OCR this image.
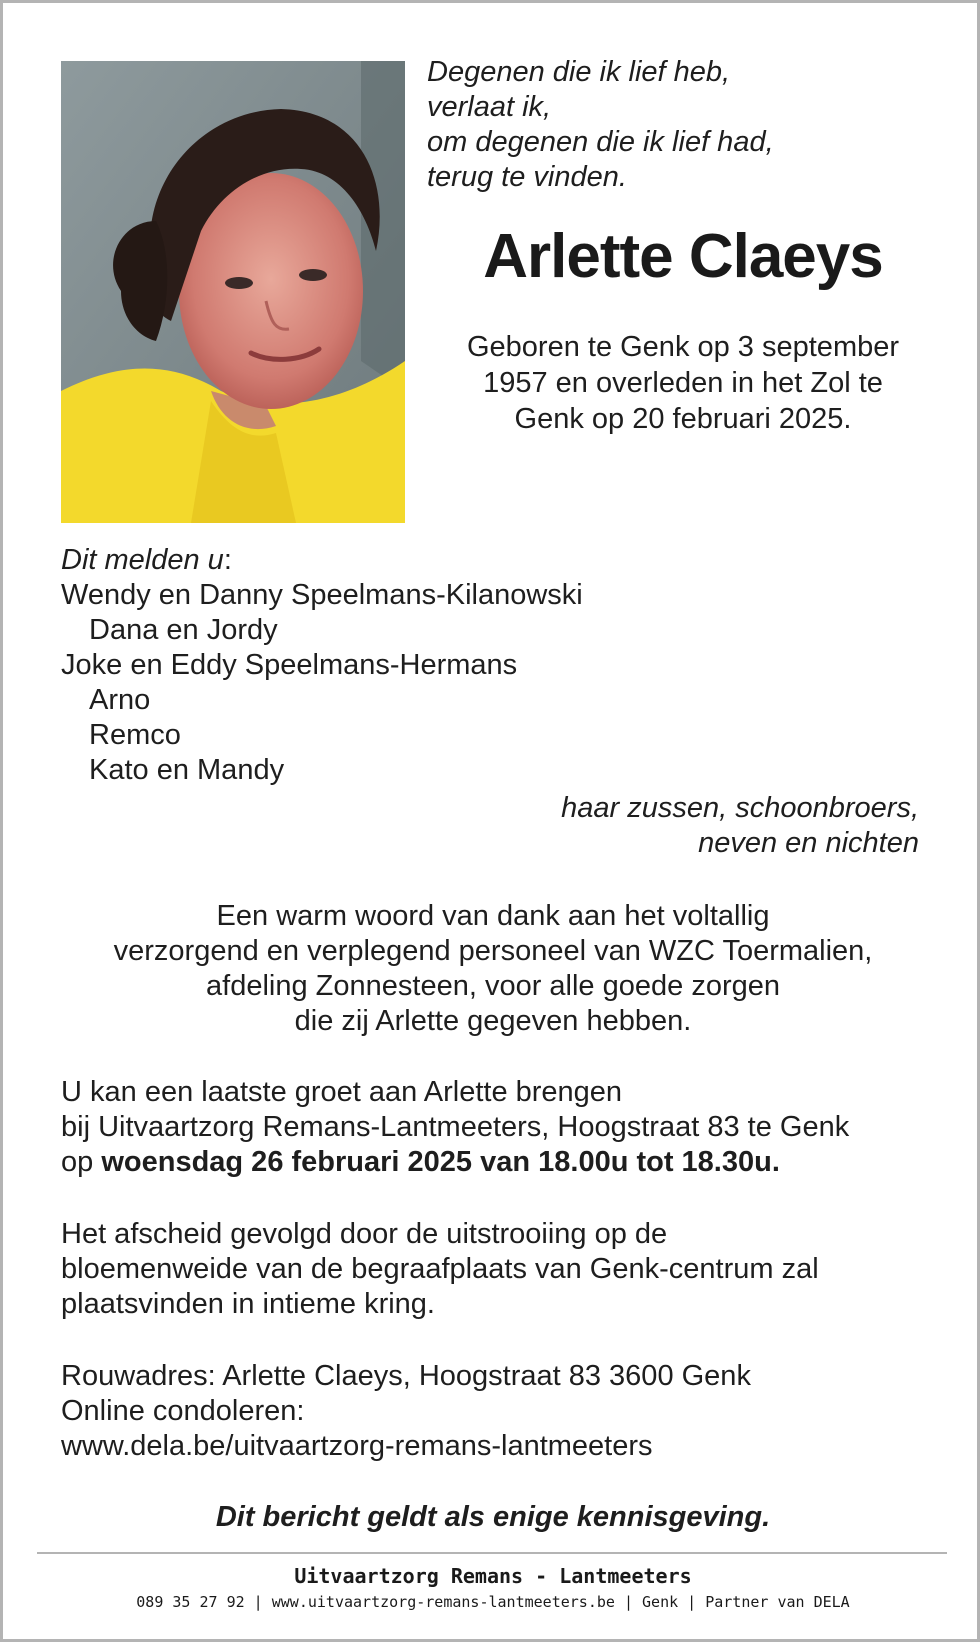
Degenen die ik lief heb,
verlaat ik,
om degenen die ik lief had,
terug te vinden.
Arlette Claeys
Geboren te Genk op 3 september
1957 en overleden in het Zol te
Genk op 20 februari 2025.
Dit melden u:
Wendy en Danny Speelmans-Kilanowski
Dana en Jordy
Joke en Eddy Speelmans-Hermans
Arno
Remco
Kato en Mandy
haar zussen, schoonbroers,
neven en nichten
Een warm woord van dank aan het voltallig
verzorgend en verplegend personeel van WZC Toermalien,
afdeling Zonnesteen, voor alle goede zorgen
die zij Arlette gegeven hebben.
U kan een laatste groet aan Arlette brengen
bij Uitvaartzorg Remans-Lantmeeters, Hoogstraat 83 te Genk
op woensdag 26 februari 2025 van 18.00u tot 18.30u.
Het afscheid gevolgd door de uitstrooiing op de
bloemenweide van de begraafplaats van Genk-centrum zal
plaatsvinden in intieme kring.
Rouwadres: Arlette Claeys, Hoogstraat 83 3600 Genk
Online condoleren:
www.dela.be/uitvaartzorg-remans-lantmeeters
Dit bericht geldt als enige kennisgeving.
Uitvaartzorg Remans - Lantmeeters
089 35 27 92 | www.uitvaartzorg-remans-lantmeeters.be | Genk | Partner van DELA
